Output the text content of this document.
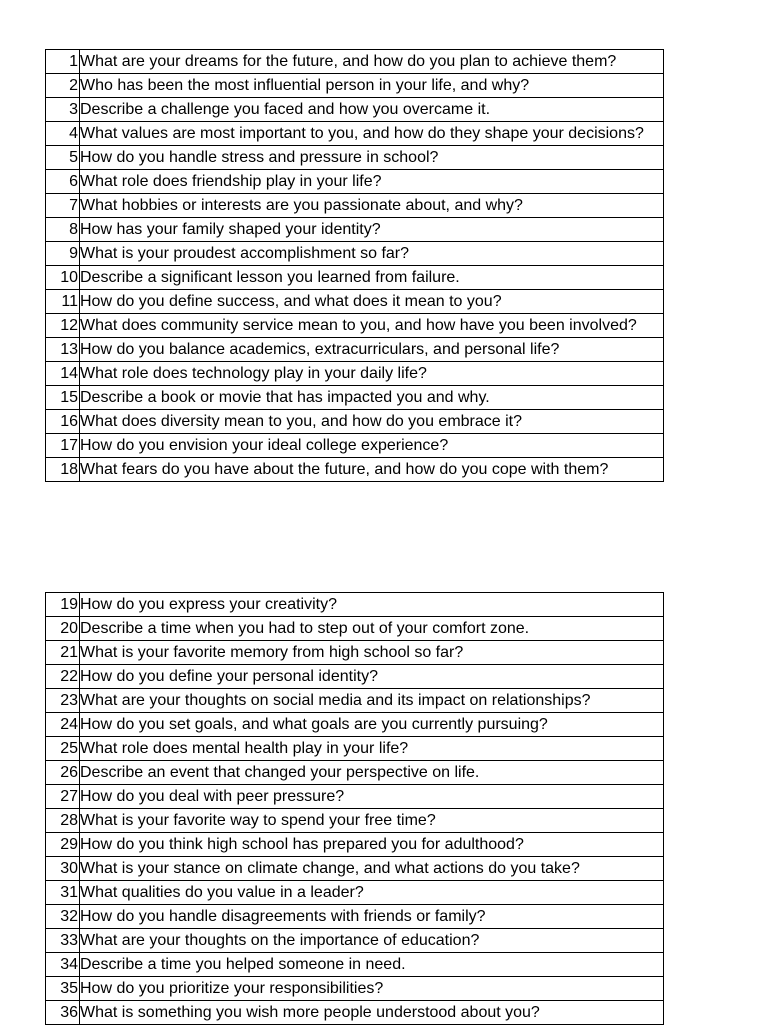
1	What are your dreams for the future, and how do you plan to achieve them?
2	Who has been the most influential person in your life, and why?
3	Describe a challenge you faced and how you overcame it.
4	What values are most important to you, and how do they shape your decisions?
5	How do you handle stress and pressure in school?
6	What role does friendship play in your life?
7	What hobbies or interests are you passionate about, and why?
8	How has your family shaped your identity?
9	What is your proudest accomplishment so far?
10	Describe a significant lesson you learned from failure.
11	How do you define success, and what does it mean to you?
12	What does community service mean to you, and how have you been involved?
13	How do you balance academics, extracurriculars, and personal life?
14	What role does technology play in your daily life?
15	Describe a book or movie that has impacted you and why.
16	What does diversity mean to you, and how do you embrace it?
17	How do you envision your ideal college experience?
18	What fears do you have about the future, and how do you cope with them?
19	How do you express your creativity?
20	Describe a time when you had to step out of your comfort zone.
21	What is your favorite memory from high school so far?
22	How do you define your personal identity?
23	What are your thoughts on social media and its impact on relationships?
24	How do you set goals, and what goals are you currently pursuing?
25	What role does mental health play in your life?
26	Describe an event that changed your perspective on life.
27	How do you deal with peer pressure?
28	What is your favorite way to spend your free time?
29	How do you think high school has prepared you for adulthood?
30	What is your stance on climate change, and what actions do you take?
31	What qualities do you value in a leader?
32	How do you handle disagreements with friends or family?
33	What are your thoughts on the importance of education?
34	Describe a time you helped someone in need.
35	How do you prioritize your responsibilities?
36	What is something you wish more people understood about you?
